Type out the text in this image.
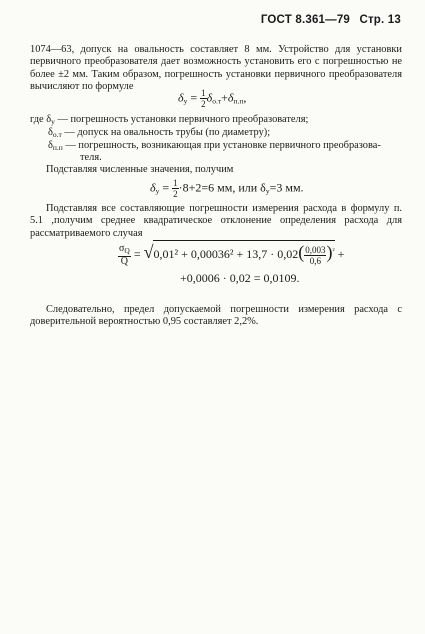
ГОСТ 8.361—79 Стр. 13
1074—63, допуск на овальность составляет 8 мм. Устройство для установки первичного преобразователя дает возможность установить его с погрешностью не более ±2 мм. Таким образом, погрешность установки первичного преобразователя вычисляют по формуле
$\delta_у = \frac{1}{2} \delta_{о.т}+\delta_{п.п}$,
где $\delta_у$ — погрешность установки первичного преобразователя;
$\delta_{о.т}$ — допуск на овальность трубы (по диаметру);
$\delta_{п.п}$ — погрешность, возникающая при установке первичного преобразова-
теля.
Подставляя численные значения, получим
$\delta_у = \frac{1}{2} \cdot 8+2=6$ мм, или $\delta_у=3$ мм.
Подставляя все составляющие погрешности измерения расхода в формулу п. 5.1 ,получим среднее квадратическое отклонение определения расхода для рассматриваемого случая
$\frac{\sigma_Q}{Q} = √0,01^2 + 0,00036^2 + 13,7 \cdot 0,02( \frac{0,003}{0,6} )^{^2}$ +
+0,0006 · 0,02 = 0,0109.
Следовательно, предел допускаемой погрешности измерения расхода с доверительной вероятностью 0,95 составляет 2,2%.
